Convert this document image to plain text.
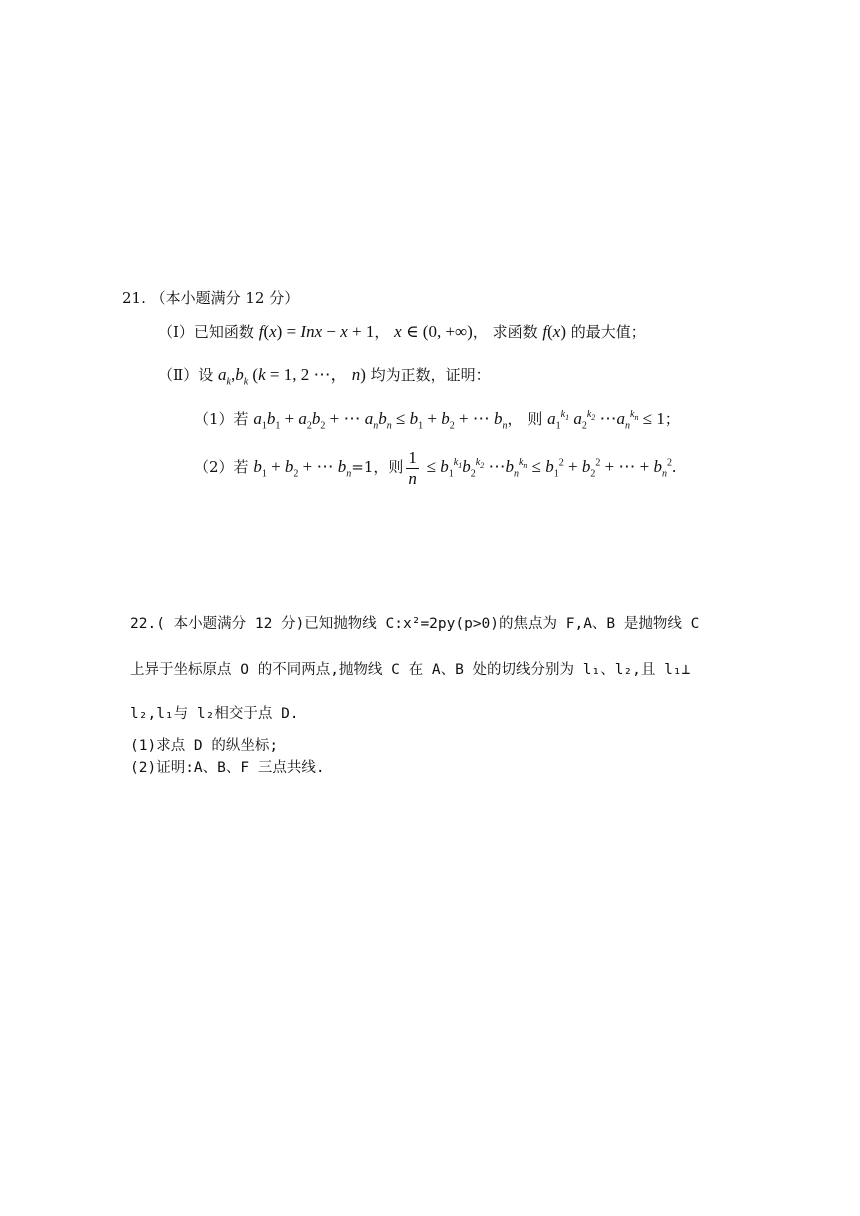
21. （本小题满分 12 分）
（Ⅰ）已知函数 f(x) = Inx − x + 1， x ∈ (0, +∞)， 求函数 f(x) 的最大值；
（Ⅱ）设 $a_k,b_k$ (k = 1, 2 ⋯， n) 均为正数，证明：
（1）若 $a_1b_1 + a_2b_2$ + ⋯ $a_nb_n \le b_1 + b_2$ + ⋯ $b_n$， 则 $a_1^{k_1}$ $a_2^{k_2}$ $\cdots a_n^{k_n} \le 1$；
（2）若 $b_1 + b_2$ + ⋯ $b_n=1$，则 $\frac{1}{n} \le b_1^{k_1}b_2^{k_2}$ $\cdots b_n^{k_n} \le b_1^2 + b_2^2$ + ⋯ + $b_n^2$.
22.( 本小题满分 12 分)已知抛物线 C:x²=2py(p>0)的焦点为 F,A、B 是抛物线 C
上异于坐标原点 O 的不同两点,抛物线 C 在 A、B 处的切线分别为 l₁、l₂,且 l₁⊥
l₂,l₁与 l₂相交于点 D.
(1)求点 D 的纵坐标;
(2)证明:A、B、F 三点共线.
